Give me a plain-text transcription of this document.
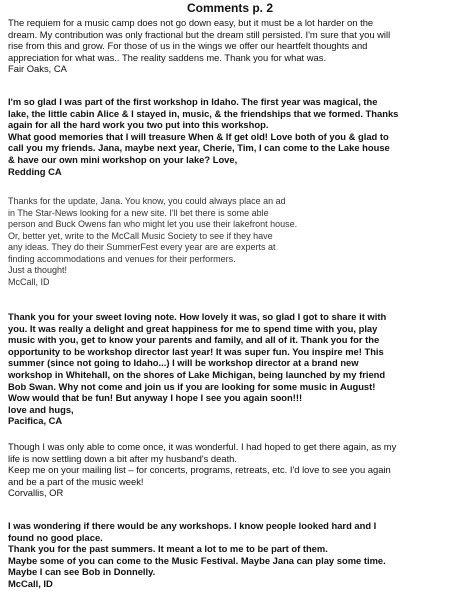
Comments p. 2
The requiem for a music camp does not go down easy, but it must be a lot harder on the
dream. My contribution was only fractional but the dream still persisted. I'm sure that you will
rise from this and grow. For those of us in the wings we offer our heartfelt thoughts and
appreciation for what was.. The reality saddens me. Thank you for what was.
Fair Oaks, CA
I'm so glad I was part of the first workshop in Idaho. The first year was magical, the
lake, the little cabin Alice & I stayed in, music, & the friendships that we formed. Thanks
again for all the hard work you two put into this workshop.
What good memories that I will treasure When & If get old! Love both of you & glad to
call you my friends. Jana, maybe next year, Cherie, Tim, I can come to the Lake house
& have our own mini workshop on your lake? Love,
Redding CA
Thanks for the update, Jana. You know, you could always place an ad
in The Star-News looking for a new site. I'll bet there is some able
person and Buck Owens fan who might let you use their lakefront house.
Or, better yet, write to the McCall Music Society to see if they have
any ideas. They do their SummerFest every year are are experts at
finding accommodations and venues for their performers.
Just a thought!
McCall, ID
Thank you for your sweet loving note. How lovely it was, so glad I got to share it with
you. It was really a delight and great happiness for me to spend time with you, play
music with you, get to know your parents and family, and all of it. Thank you for the
opportunity to be workshop director last year! It was super fun. You inspire me! This
summer (since not going to Idaho...) I will be workshop director at a brand new
workshop in Whitehall, on the shores of Lake Michigan, being launched by my friend
Bob Swan. Why not come and join us if you are looking for some music in August!
Wow would that be fun! But anyway I hope I see you again soon!!!
love and hugs,
Pacifica, CA
Though I was only able to come once, it was wonderful. I had hoped to get there again, as my
life is now settling down a bit after my husband's death.
Keep me on your mailing list – for concerts, programs, retreats, etc. I'd love to see you again
and be a part of the music week!
Corvallis, OR
I was wondering if there would be any workshops. I know people looked hard and I
found no good place.
Thank you for the past summers. It meant a lot to me to be part of them.
Maybe some of you can come to the Music Festival. Maybe Jana can play some time.
Maybe I can see Bob in Donnelly.
McCall, ID
